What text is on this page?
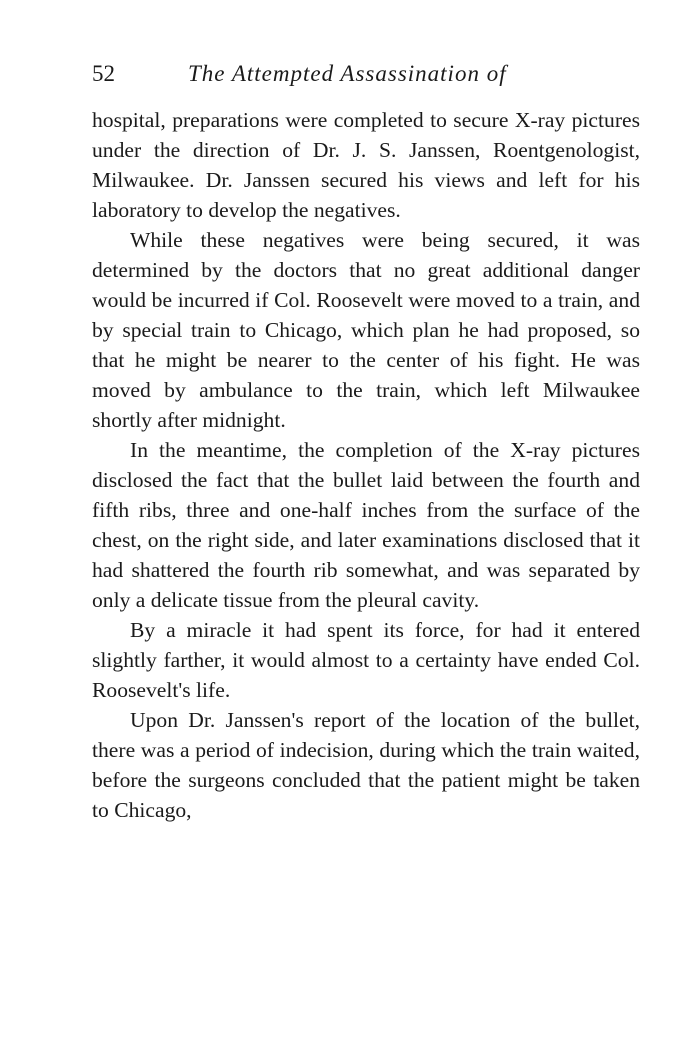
52	The Attempted Assassination of

hospital, preparations were completed to secure X-ray pictures under the direction of Dr. J. S. Janssen, Roentgenologist, Milwaukee. Dr. Janssen secured his views and left for his laboratory to develop the negatives.

While these negatives were being secured, it was determined by the doctors that no great additional danger would be incurred if Col. Roosevelt were moved to a train, and by special train to Chicago, which plan he had proposed, so that he might be nearer to the center of his fight. He was moved by ambulance to the train, which left Milwaukee shortly after midnight.

In the meantime, the completion of the X-ray pictures disclosed the fact that the bullet laid between the fourth and fifth ribs, three and one-half inches from the surface of the chest, on the right side, and later examinations disclosed that it had shattered the fourth rib somewhat, and was separated by only a delicate tissue from the pleural cavity.

By a miracle it had spent its force, for had it entered slightly farther, it would almost to a certainty have ended Col. Roosevelt's life.

Upon Dr. Janssen's report of the location of the bullet, there was a period of indecision, during which the train waited, before the surgeons concluded that the patient might be taken to Chicago,
